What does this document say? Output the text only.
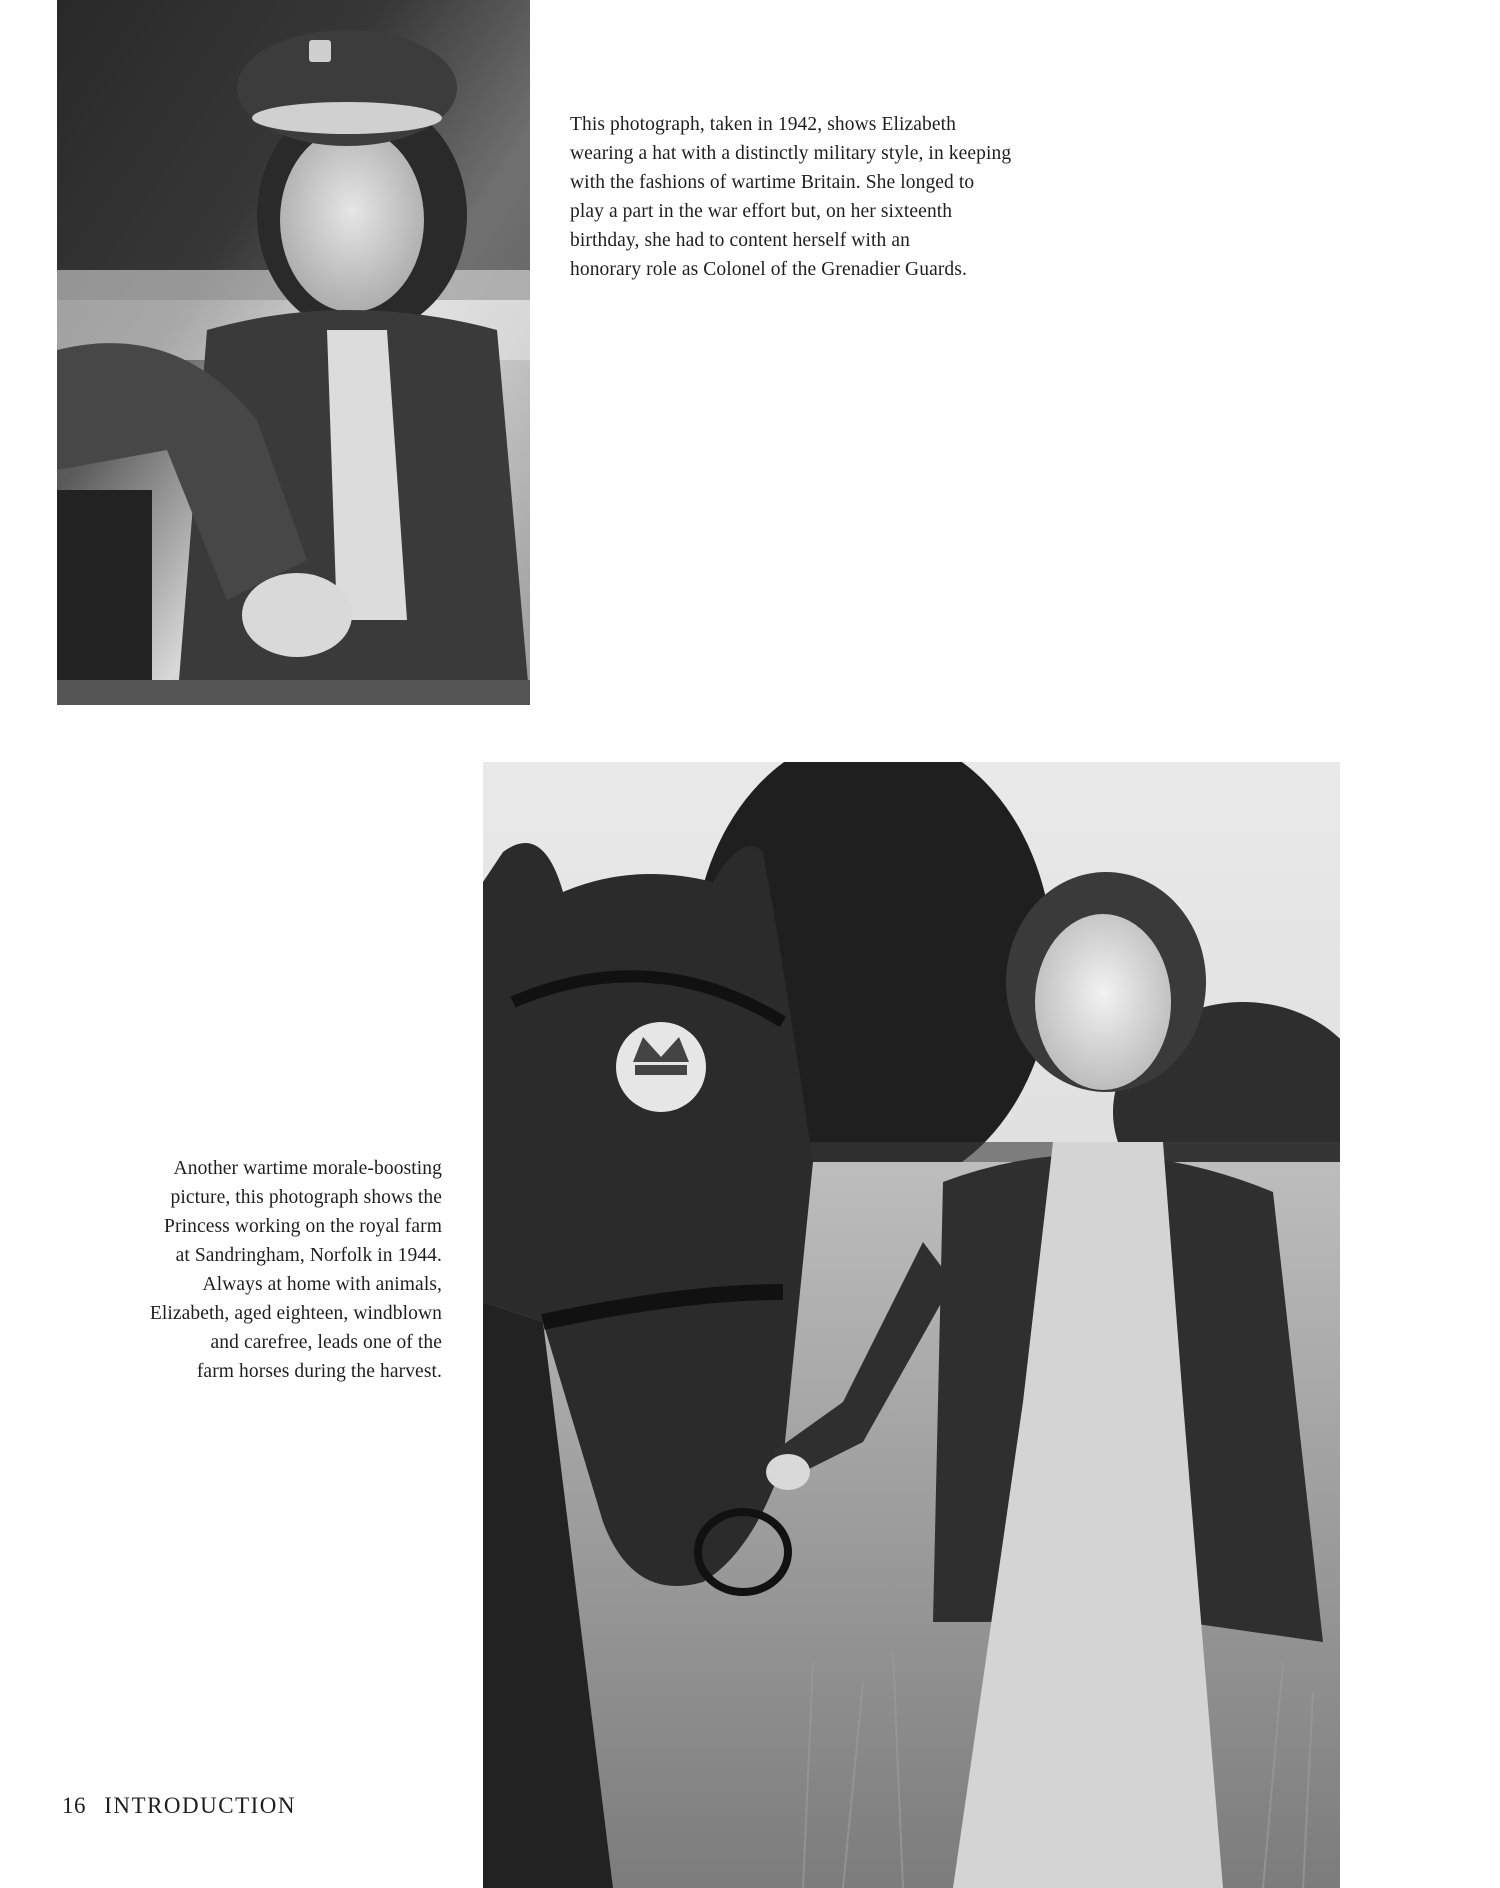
This photograph, taken in 1942, shows Elizabeth
wearing a hat with a distinctly military style, in keeping
with the fashions of wartime Britain. She longed to
play a part in the war effort but, on her sixteenth
birthday, she had to content herself with an
honorary role as Colonel of the Grenadier Guards.
Another wartime morale-boosting
picture, this photograph shows the
Princess working on the royal farm
at Sandringham, Norfolk in 1944.
Always at home with animals,
Elizabeth, aged eighteen, windblown
and carefree, leads one of the
farm horses during the harvest.
16 INTRODUCTION
